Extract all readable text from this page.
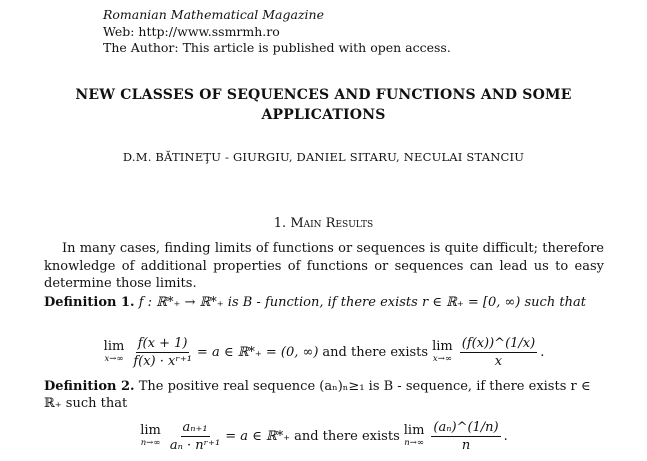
Romanian Mathematical Magazine
Web: http://www.ssmrmh.ro
The Author: This article is published with open access.
NEW CLASSES OF SEQUENCES AND FUNCTIONS AND SOME
APPLICATIONS
D.M. BĂTINEŢU - GIURGIU, DANIEL SITARU, NECULAI STANCIU
1. Main Results
In many cases, finding limits of functions or sequences is quite difficult; therefore knowledge of additional properties of functions or sequences can lead us to easy determine those limits.
Definition 1. f : ℝ*₊ → ℝ*₊ is B - function, if there exists r ∈ ℝ₊ = [0, ∞) such that
lim
$x\to\infty \frac{f(x + 1)}{\text{f(x) · xʳ⁺¹}} = a$ ∈ ℝ*₊ = (0, ∞) and there exists lim
$x\to\infty \frac{(f(x))\^{}(1/x)}{x}$ .
Definition 2. The positive real sequence (aₙ)ₙ≥₁ is B - sequence, if there exists r ∈ ℝ₊ such that
lim
$n\to\infty \frac{\text{aₙ₊₁}}{\text{aₙ · nʳ⁺¹}} = a$ ∈ ℝ*₊ and there exists lim
$n\to\infty \frac{\text{(aₙ)\textasciicircum{}(1/n)}}{n}$ .
